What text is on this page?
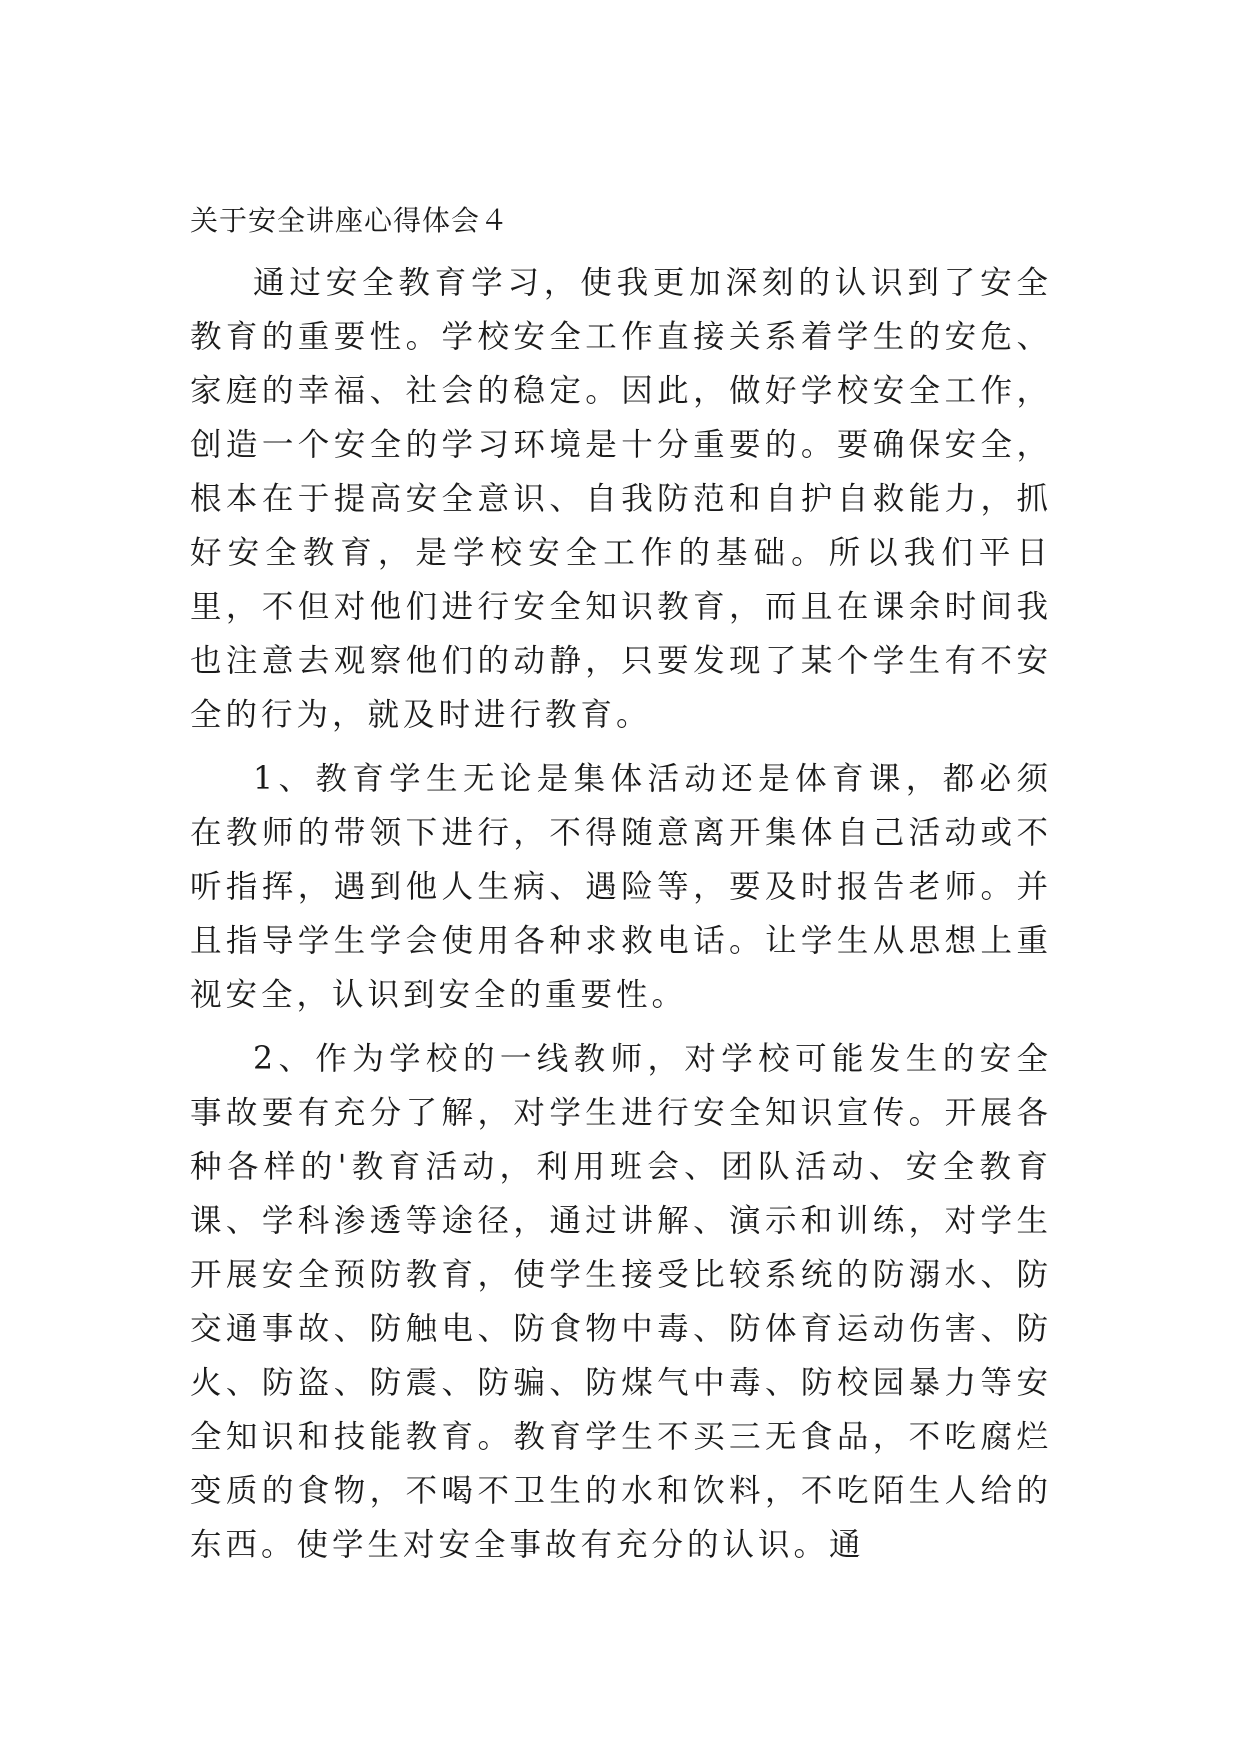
关于安全讲座心得体会４

通过安全教育学习，使我更加深刻的认识到了安全教育的重要性。学校安全工作直接关系着学生的安危、家庭的幸福、社会的稳定。因此，做好学校安全工作，创造一个安全的学习环境是十分重要的。要确保安全，根本在于提高安全意识、自我防范和自护自救能力，抓好安全教育，是学校安全工作的基础。所以我们平日里，不但对他们进行安全知识教育，而且在课余时间我也注意去观察他们的动静，只要发现了某个学生有不安全的行为，就及时进行教育。

1、教育学生无论是集体活动还是体育课，都必须在教师的带领下进行，不得随意离开集体自己活动或不听指挥，遇到他人生病、遇险等，要及时报告老师。并且指导学生学会使用各种求救电话。让学生从思想上重视安全，认识到安全的重要性。

2、作为学校的一线教师，对学校可能发生的安全事故要有充分了解，对学生进行安全知识宣传。开展各种各样的'教育活动，利用班会、团队活动、安全教育课、学科渗透等途径，通过讲解、演示和训练，对学生开展安全预防教育，使学生接受比较系统的防溺水、防交通事故、防触电、防食物中毒、防体育运动伤害、防火、防盗、防震、防骗、防煤气中毒、防校园暴力等安全知识和技能教育。教育学生不买三无食品，不吃腐烂变质的食物，不喝不卫生的水和饮料，不吃陌生人给的东西。使学生对安全事故有充分的认识。通
